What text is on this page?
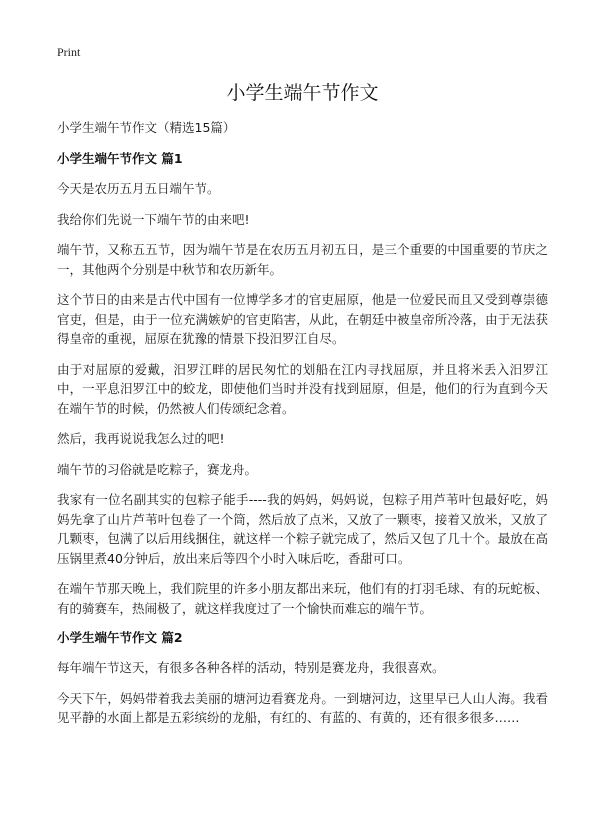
Print
小学生端午节作文
小学生端午节作文（精选15篇）
小学生端午节作文 篇1

今天是农历五月五日端午节。

我给你们先说一下端午节的由来吧!

端午节，又称五五节，因为端午节是在农历五月初五日，是三个重要的中国重要的节庆之一，其他两个分别是中秋节和农历新年。

这个节日的由来是古代中国有一位博学多才的官吏屈原，他是一位爱民而且又受到尊崇德官吏，但是，由于一位充满嫉妒的官吏陷害，从此，在朝廷中被皇帝所冷落，由于无法获得皇帝的重视，屈原在犹豫的情景下投汨罗江自尽。

由于对屈原的爱戴，汨罗江畔的居民匆忙的划船在江内寻找屈原，并且将米丢入汨罗江中，一平息汨罗江中的蛟龙，即使他们当时并没有找到屈原，但是，他们的行为直到今天在端午节的时候，仍然被人们传颂纪念着。

然后，我再说说我怎么过的吧!

端午节的习俗就是吃粽子，赛龙舟。

我家有一位名副其实的包粽子能手----我的妈妈，妈妈说，包粽子用芦苇叶包最好吃，妈妈先拿了山片芦苇叶包卷了一个筒，然后放了点米，又放了一颗枣，接着又放米，又放了几颗枣，包满了以后用线捆住，就这样一个粽子就完成了，然后又包了几十个。最放在高压锅里煮40分钟后，放出来后等四个小时入味后吃，香甜可口。

在端午节那天晚上，我们院里的许多小朋友都出来玩，他们有的打羽毛球、有的玩蛇板、有的骑赛车，热闹极了，就这样我度过了一个愉快而难忘的端午节。

小学生端午节作文 篇2

每年端午节这天，有很多各种各样的活动，特别是赛龙舟，我很喜欢。

今天下午，妈妈带着我去美丽的塘河边看赛龙舟。一到塘河边，这里早已人山人海。我看见平静的水面上都是五彩缤纷的龙船，有红的、有蓝的、有黄的，还有很多很多……
